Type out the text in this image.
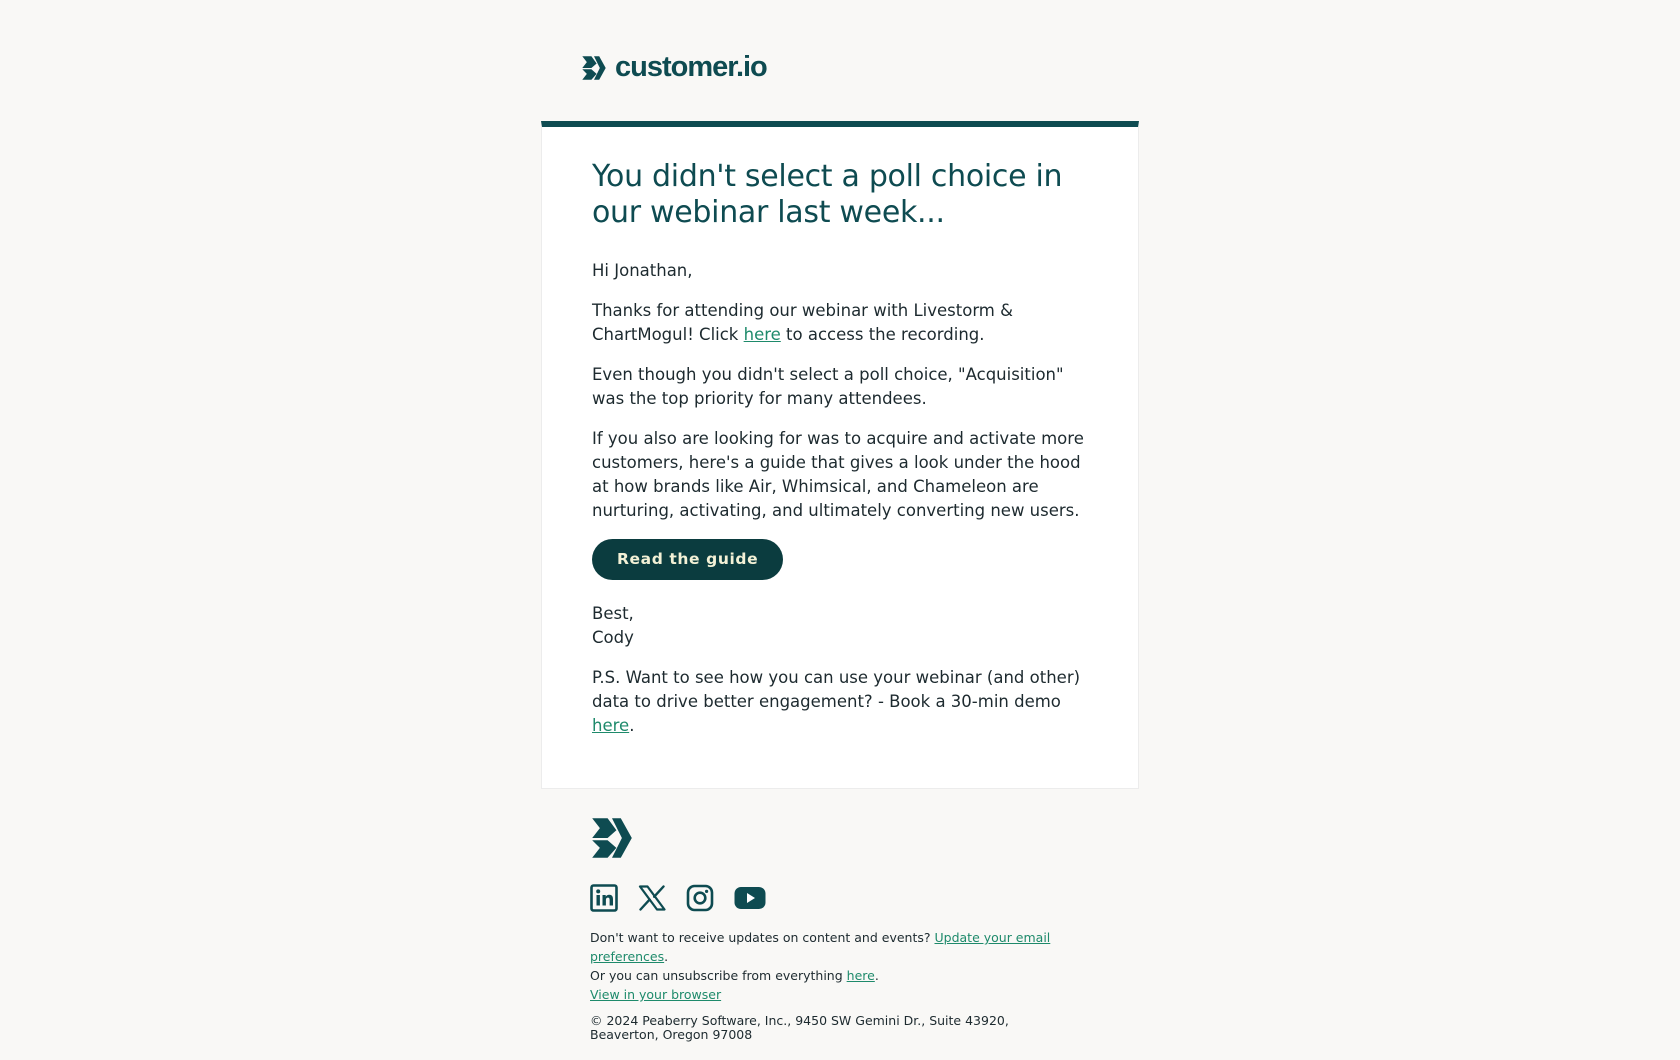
customer.io
You didn't select a poll choice in our webinar last week...

Hi Jonathan,

Thanks for attending our webinar with Livestorm & ChartMogul! Click here to access the recording.

Even though you didn't select a poll choice, "Acquisition" was the top priority for many attendees.

If you also are looking for was to acquire and activate more customers, here's a guide that gives a look under the hood at how brands like Air, Whimsical, and Chameleon are nurturing, activating, and ultimately converting new users.

Read the guide

Best,
Cody

P.S. Want to see how you can use your webinar (and other) data to drive better engagement? - Book a 30-min demo here.

Don't want to receive updates on content and events? Update your email preferences.
Or you can unsubscribe from everything here.
View in your browser

© 2024 Peaberry Software, Inc., 9450 SW Gemini Dr., Suite 43920, Beaverton, Oregon 97008
